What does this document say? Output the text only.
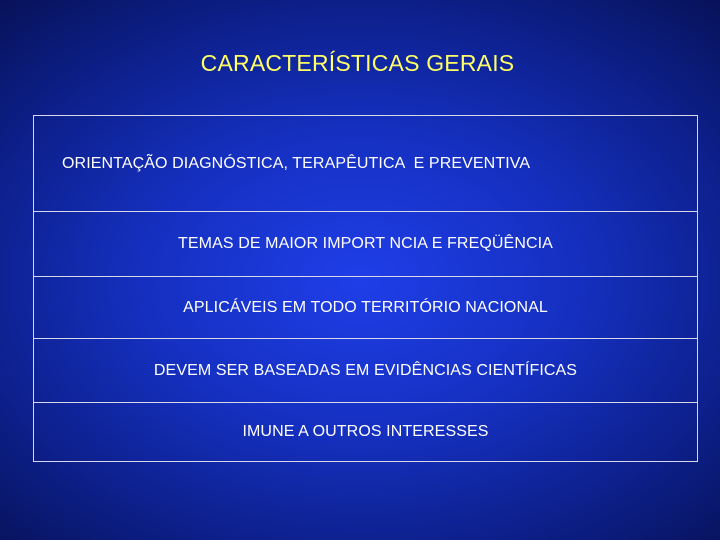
CARACTERÍSTICAS GERAIS
ORIENTAÇÃO DIAGNÓSTICA, TERAPÊUTICA  E PREVENTIVA
TEMAS DE MAIOR IMPORT NCIA E FREQÜÊNCIA
APLICÁVEIS EM TODO TERRITÓRIO NACIONAL
DEVEM SER BASEADAS EM EVIDÊNCIAS CIENTÍFICAS
IMUNE A OUTROS INTERESSES
